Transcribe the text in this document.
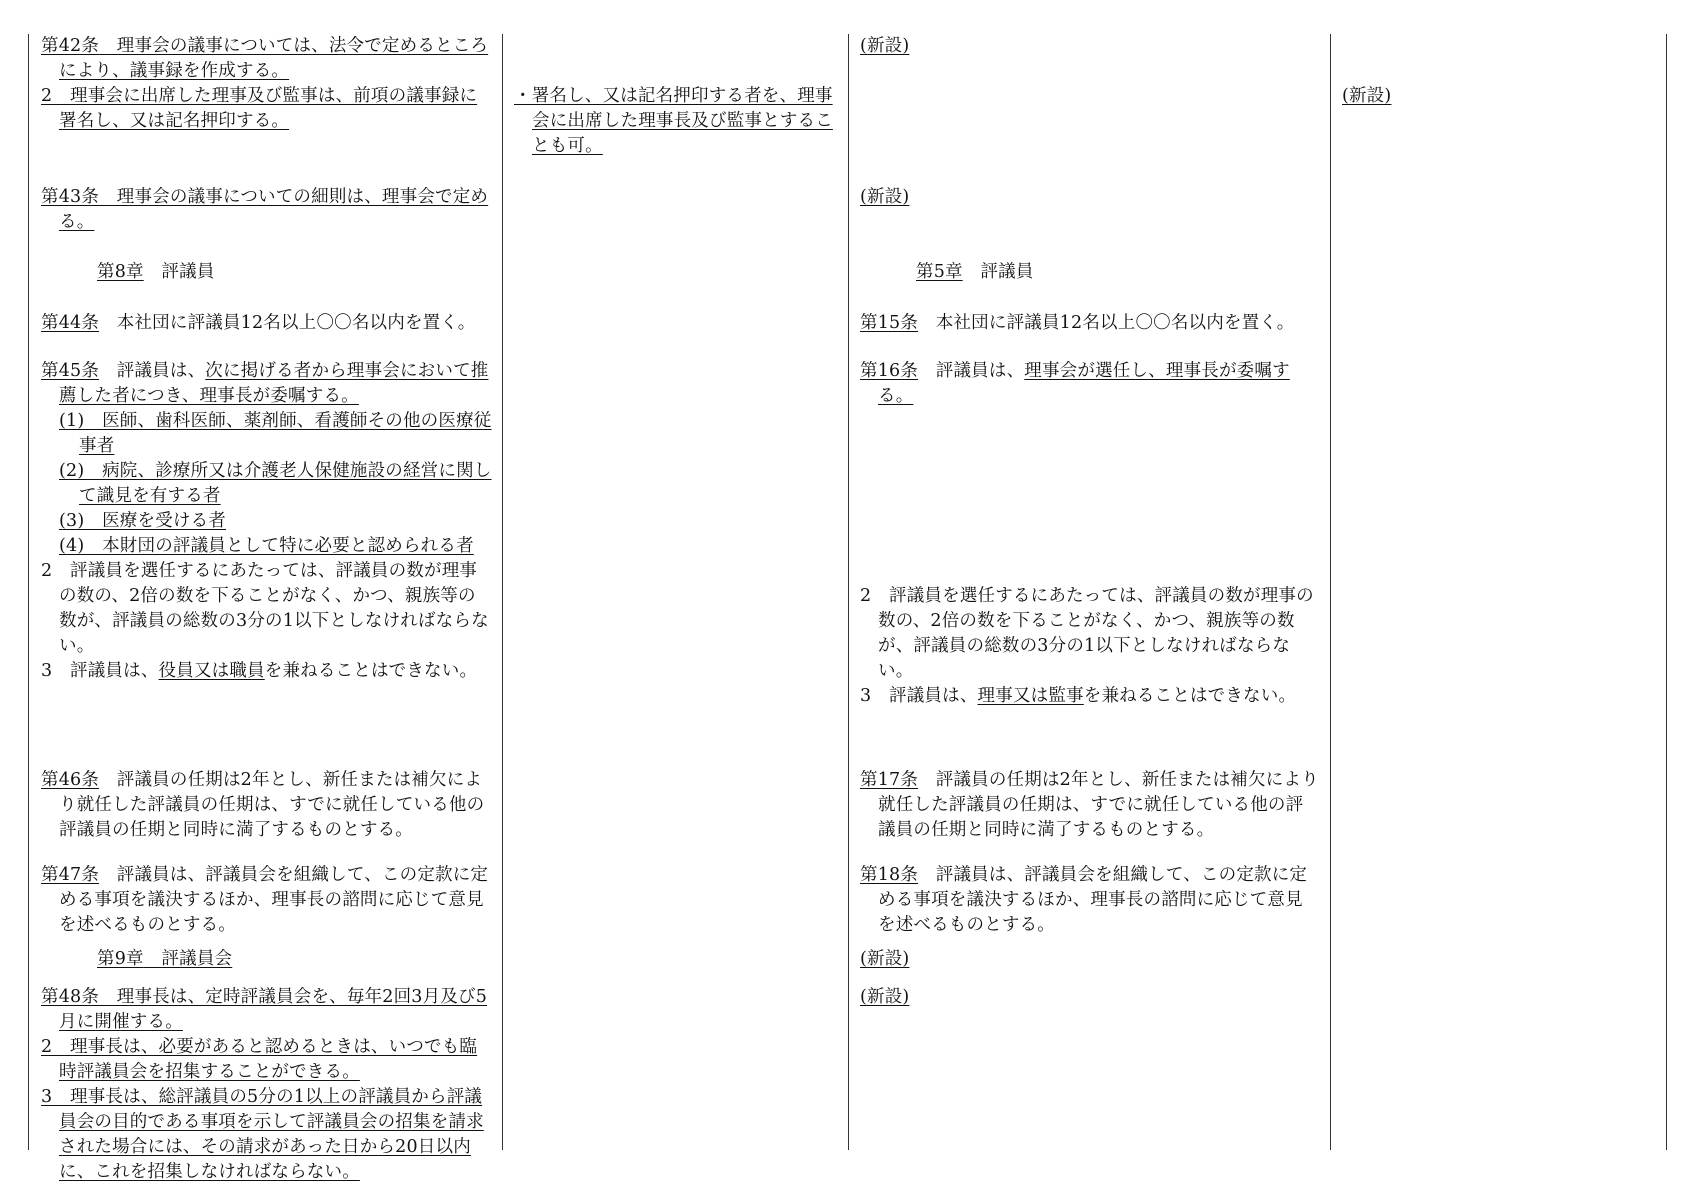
第42条　理事会の議事については、法令で定めるところにより、議事録を作成する。

2　理事会に出席した理事及び監事は、前項の議事録に署名し、又は記名押印する。

第43条　理事会の議事についての細則は、理事会で定める。

第8章　評議員

第44条　本社団に評議員12名以上〇〇名以内を置く。

第45条　評議員は、次に掲げる者から理事会において推薦した者につき、理事長が委嘱する。

(1)　医師、歯科医師、薬剤師、看護師その他の医療従事者

(2)　病院、診療所又は介護老人保健施設の経営に関して識見を有する者

(3)　医療を受ける者

(4)　本財団の評議員として特に必要と認められる者

2　評議員を選任するにあたっては、評議員の数が理事の数の、2倍の数を下ることがなく、かつ、親族等の数が、評議員の総数の3分の1以下としなければならない。

3　評議員は、役員又は職員を兼ねることはできない。

第46条　評議員の任期は2年とし、新任または補欠により就任した評議員の任期は、すでに就任している他の評議員の任期と同時に満了するものとする。

第47条　評議員は、評議員会を組織して、この定款に定める事項を議決するほか、理事長の諮問に応じて意見を述べるものとする。

第9章　評議員会

第48条　理事長は、定時評議員会を、毎年2回3月及び5月に開催する。

2　理事長は、必要があると認めるときは、いつでも臨時評議員会を招集することができる。

3　理事長は、総評議員の5分の1以上の評議員から評議員会の目的である事項を示して評議員会の招集を請求された場合には、その請求があった日から20日以内に、これを招集しなければならない。

・署名し、又は記名押印する者を、理事会に出席した理事長及び監事とすることも可。

(新設)
(新設)

第5章　評議員

第15条　本社団に評議員12名以上〇〇名以内を置く。

第16条　評議員は、理事会が選任し、理事長が委嘱する。

2　評議員を選任するにあたっては、評議員の数が理事の数の、2倍の数を下ることがなく、かつ、親族等の数が、評議員の総数の3分の1以下としなければならない。

3　評議員は、理事又は監事を兼ねることはできない。

第17条　評議員の任期は2年とし、新任または補欠により就任した評議員の任期は、すでに就任している他の評議員の任期と同時に満了するものとする。

第18条　評議員は、評議員会を組織して、この定款に定める事項を議決するほか、理事長の諮問に応じて意見を述べるものとする。

(新設)
(新設)
(新設)
